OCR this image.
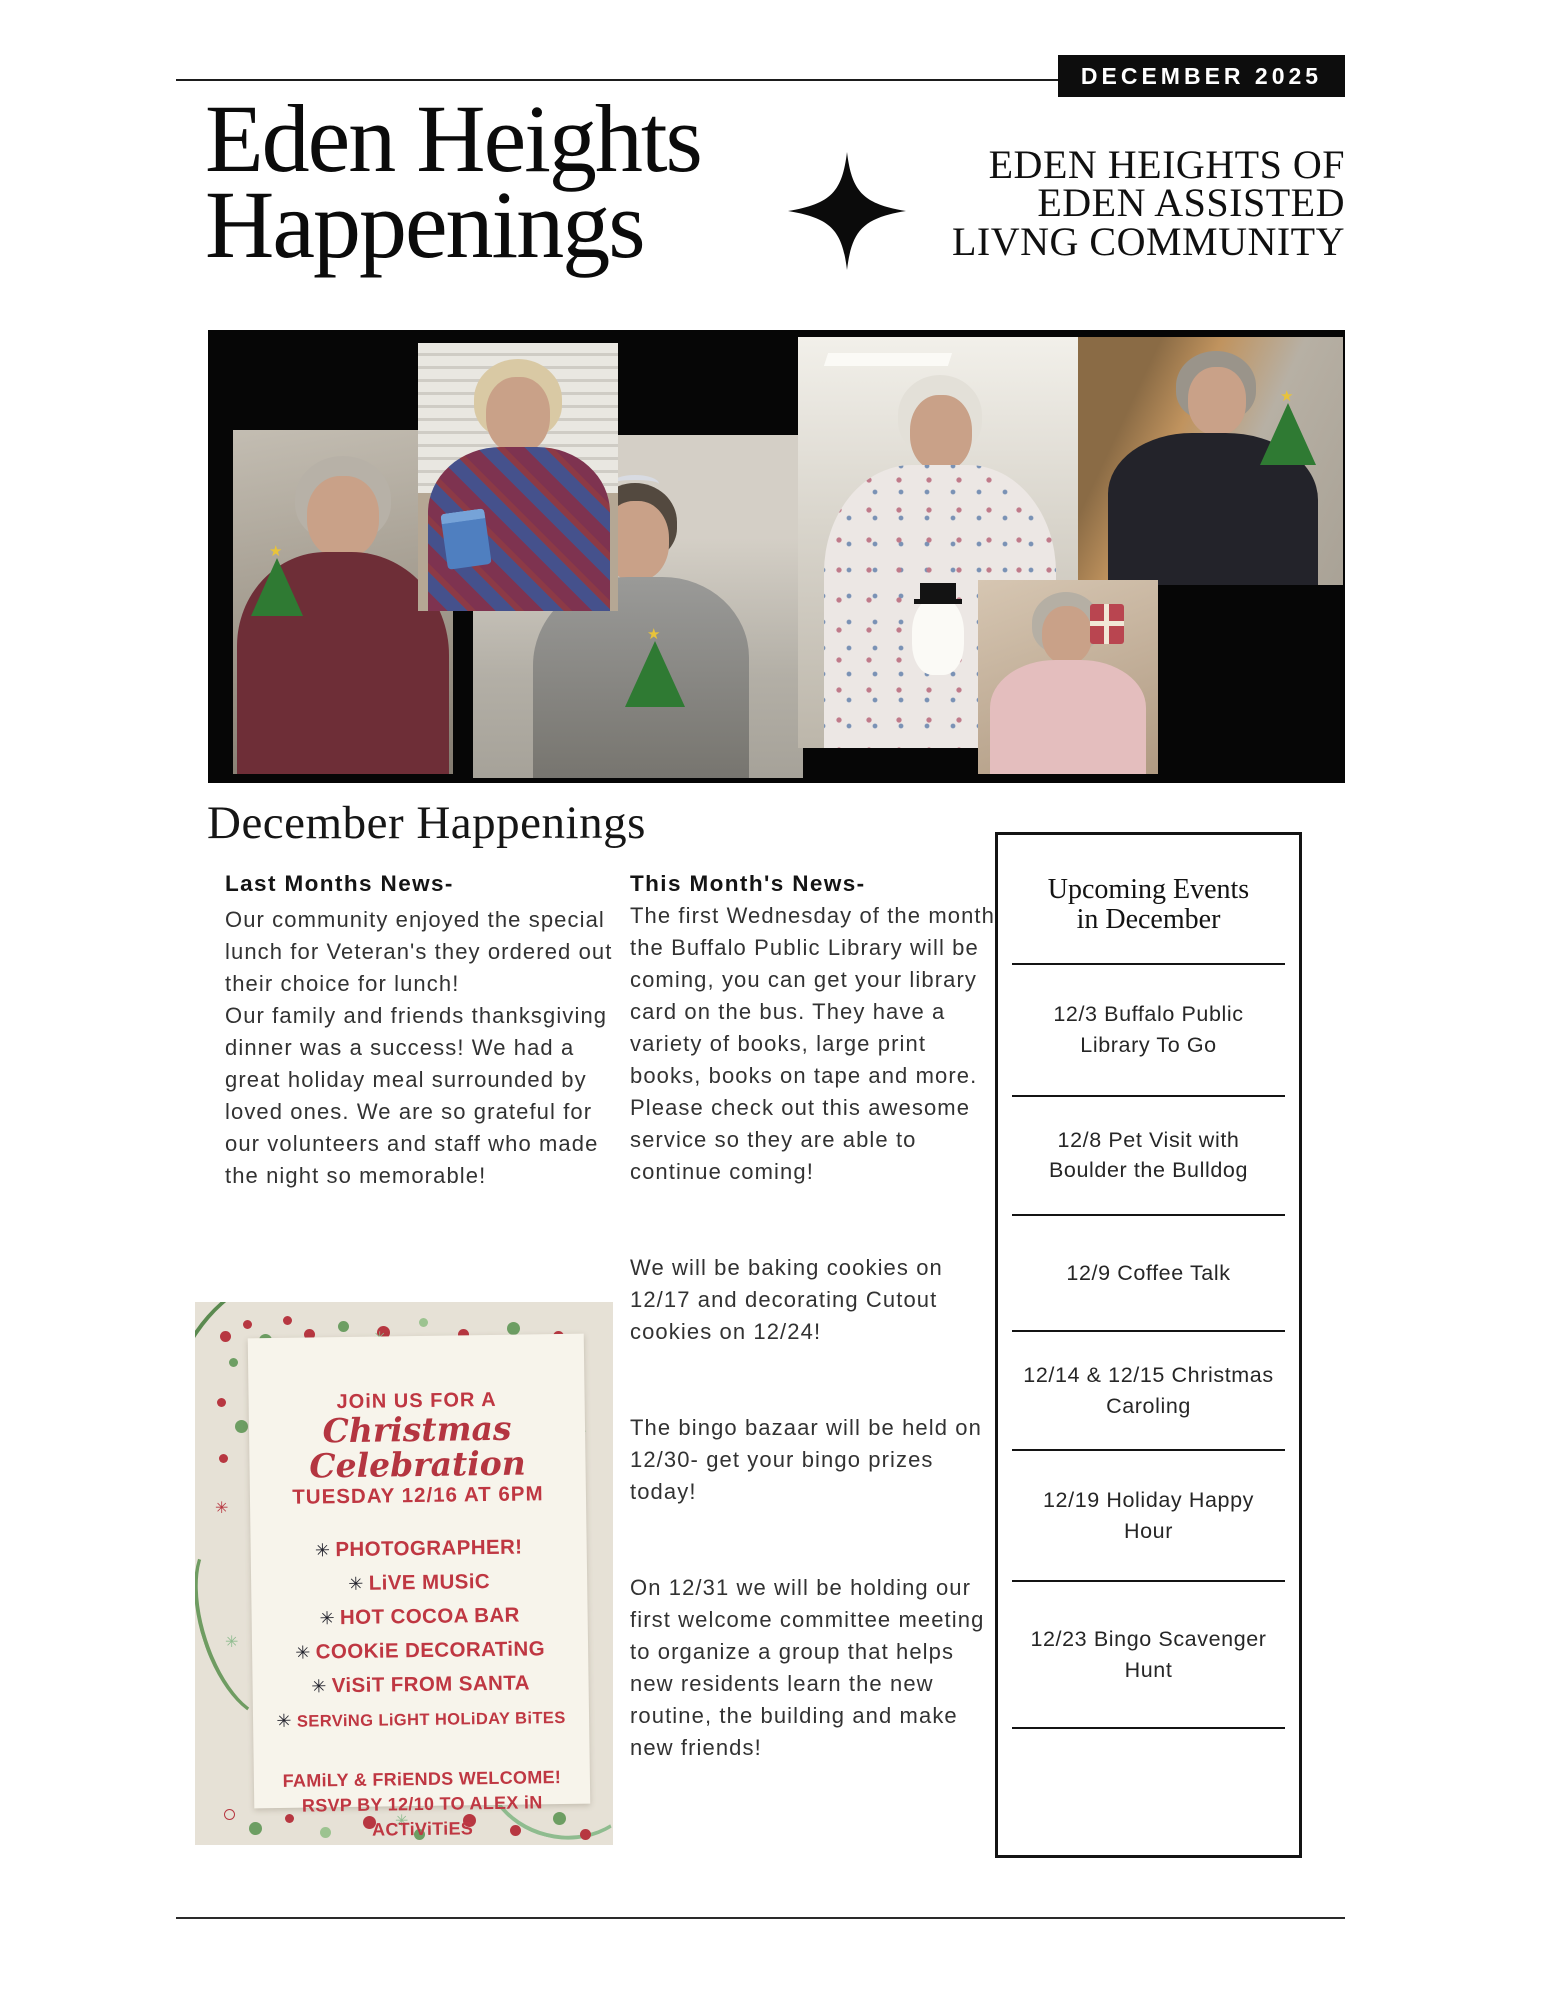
DECEMBER 2025
Eden Heights
Happenings
EDEN HEIGHTS OF
EDEN ASSISTED
LIVNG COMMUNITY
★
★
★
December Happenings

Last Months News-

Our community enjoyed the special lunch for Veteran's they ordered out their choice for lunch!

Our family and friends thanksgiving dinner was a success! We had a great holiday meal surrounded by loved ones. We are so grateful for our volunteers and staff who made the night so memorable!

This Month's News-

The first Wednesday of the month the Buffalo Public Library will be coming, you can get your library card on the bus. They have a variety of books, large print books, books on tape and more. Please check out this awesome service so they are able to continue coming!

We will be baking cookies on 12/17 and decorating Cutout cookies on 12/24!

The bingo bazaar will be held on 12/30- get your bingo prizes today!

On 12/31 we will be holding our first welcome committee meeting to organize a group that helps new residents learn the new routine, the building and make new friends!

Upcoming Events
in December

12/3 Buffalo Public Library To Go

12/8 Pet Visit with Boulder the Bulldog

12/9 Coffee Talk

12/14 & 12/15 Christmas Caroling

12/19 Holiday Happy Hour

12/23 Bingo Scavenger Hunt

✳
✳
✳
✳
✳
✳

JOiN US FOR A

Christmas Celebration

TUESDAY 12/16 AT 6PM

✳ PHOTOGRAPHER!
✳ LiVE MUSiC
✳ HOT COCOA BAR
✳ COOKiE DECORATiNG
✳ ViSiT FROM SANTA
✳ SERViNG LiGHT HOLiDAY BiTES
FAMiLY & FRiENDS WELCOME!
RSVP BY 12/10 TO ALEX iN
ACTiViTiES
